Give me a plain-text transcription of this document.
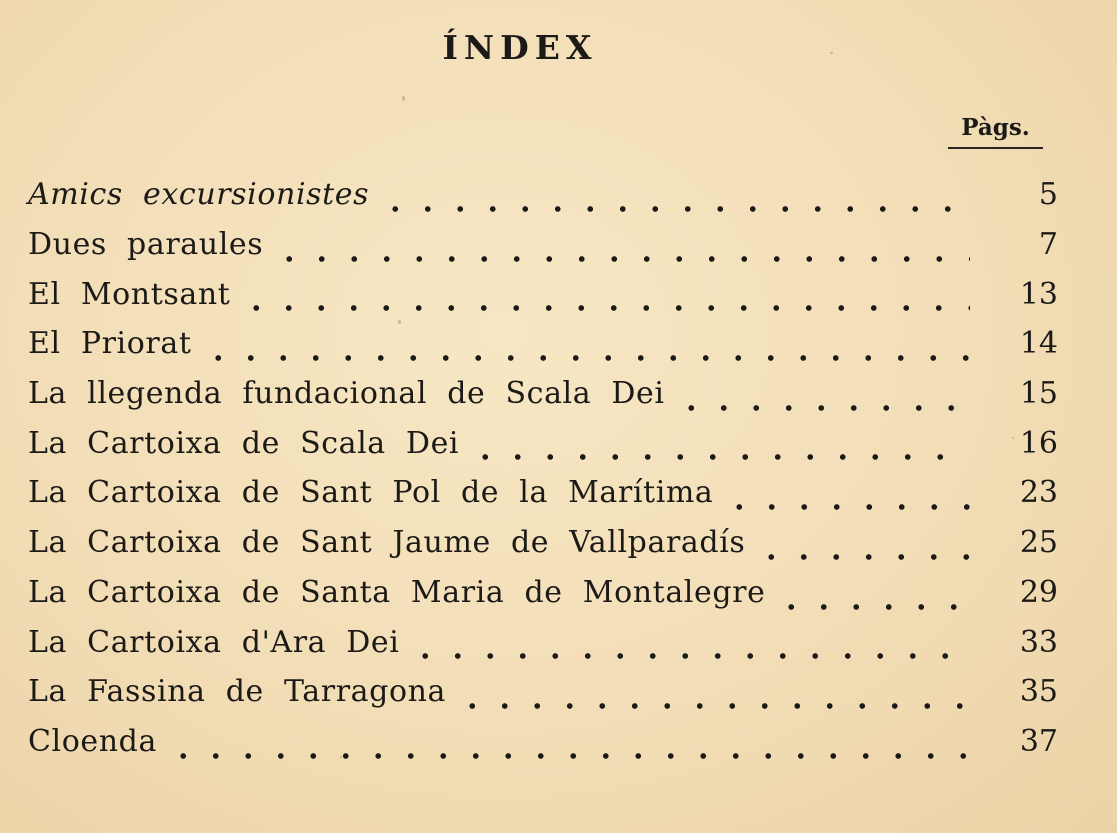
ÍNDEX
Pàgs.
Amics excursionistes	5
Dues paraules	7
El Montsant	13
El Priorat	14
La llegenda fundacional de Scala Dei	15
La Cartoixa de Scala Dei	16
La Cartoixa de Sant Pol de la Marítima	23
La Cartoixa de Sant Jaume de Vallparadís	25
La Cartoixa de Santa Maria de Montalegre	29
La Cartoixa d'Ara Dei	33
La Fassina de Tarragona	35
Cloenda	37
